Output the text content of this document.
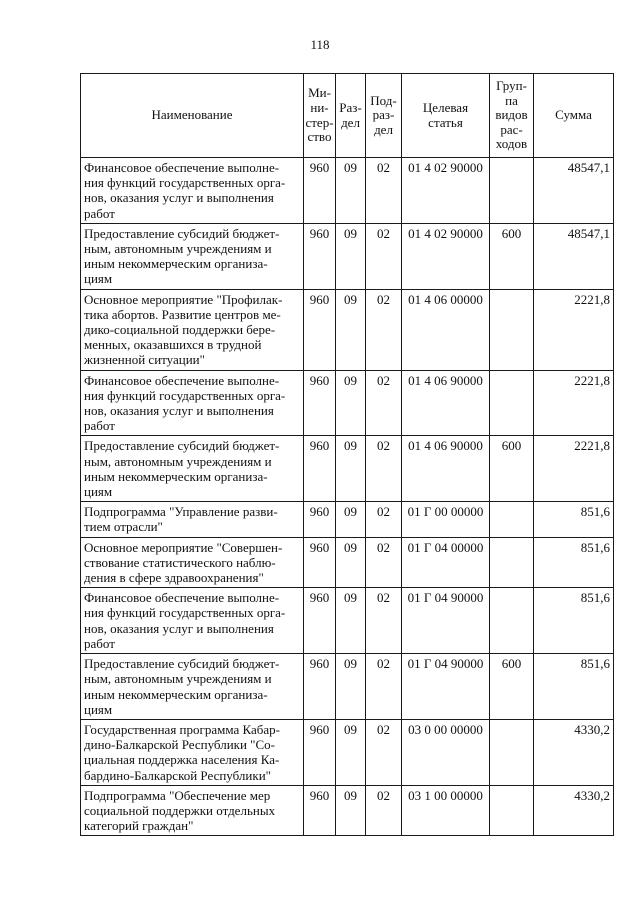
118
Наименование	Ми-
ни-
стер-
ство	Раз-
дел	Под-
раз-
дел	Целевая
статья	Груп-
па
видов
рас-
ходов	Сумма

Финансовое обеспечение выполне-
ния функций государственных орга-
нов, оказания услуг и выполнения
работ	960	09	02	01 4 02 90000		48547,1

Предоставление субсидий бюджет-
ным, автономным учреждениям и
иным некоммерческим организа-
циям	960	09	02	01 4 02 90000	600	48547,1

Основное мероприятие "Профилак-
тика абортов. Развитие центров ме-
дико-социальной поддержки бере-
менных, оказавшихся в трудной
жизненной ситуации"	960	09	02	01 4 06 00000		2221,8

Финансовое обеспечение выполне-
ния функций государственных орга-
нов, оказания услуг и выполнения
работ	960	09	02	01 4 06 90000		2221,8

Предоставление субсидий бюджет-
ным, автономным учреждениям и
иным некоммерческим организа-
циям	960	09	02	01 4 06 90000	600	2221,8

Подпрограмма "Управление разви-
тием отрасли"	960	09	02	01 Г 00 00000		851,6

Основное мероприятие "Совершен-
ствование статистического наблю-
дения в сфере здравоохранения"	960	09	02	01 Г 04 00000		851,6

Финансовое обеспечение выполне-
ния функций государственных орга-
нов, оказания услуг и выполнения
работ	960	09	02	01 Г 04 90000		851,6

Предоставление субсидий бюджет-
ным, автономным учреждениям и
иным некоммерческим организа-
циям	960	09	02	01 Г 04 90000	600	851,6

Государственная программа Кабар-
дино-Балкарской Республики "Со-
циальная поддержка населения Ка-
бардино-Балкарской Республики"	960	09	02	03 0 00 00000		4330,2

Подпрограмма "Обеспечение мер
социальной поддержки отдельных
категорий граждан"	960	09	02	03 1 00 00000		4330,2
